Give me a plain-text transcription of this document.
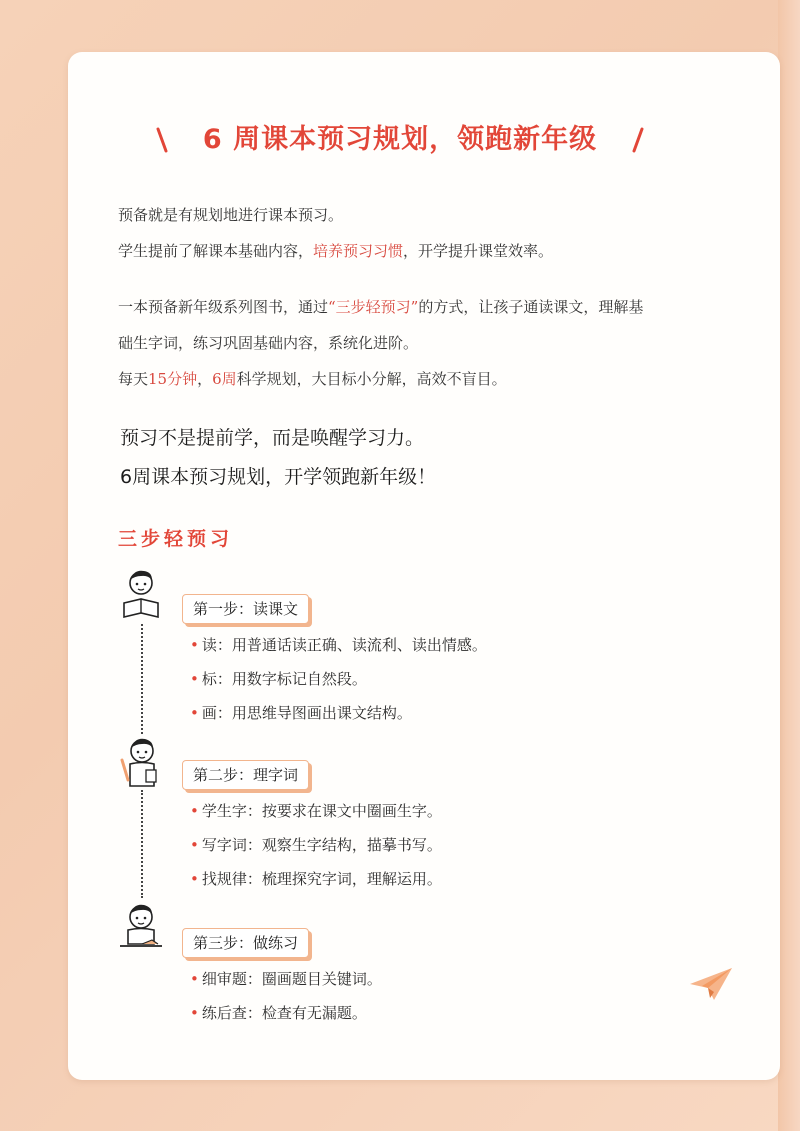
6 周课本预习规划，领跑新年级

预备就是有规划地进行课本预习。

学生提前了解课本基础内容，培养预习习惯，开学提升课堂效率。

一本预备新年级系列图书，通过“三步轻预习”的方式，让孩子通读课文，理解基

础生字词，练习巩固基础内容，系统化进阶。

每天15分钟，6周科学规划，大目标小分解，高效不盲目。

预习不是提前学，而是唤醒学习力。
6周课本预习规划，开学领跑新年级！
三步轻预习
第一步：读课文
• 读：用普通话读正确、读流利、读出情感。
• 标：用数字标记自然段。
• 画：用思维导图画出课文结构。
第二步：理字词
• 学生字：按要求在课文中圈画生字。
• 写字词：观察生字结构，描摹书写。
• 找规律：梳理探究字词，理解运用。
第三步：做练习
• 细审题：圈画题目关键词。
• 练后查：检查有无漏题。
